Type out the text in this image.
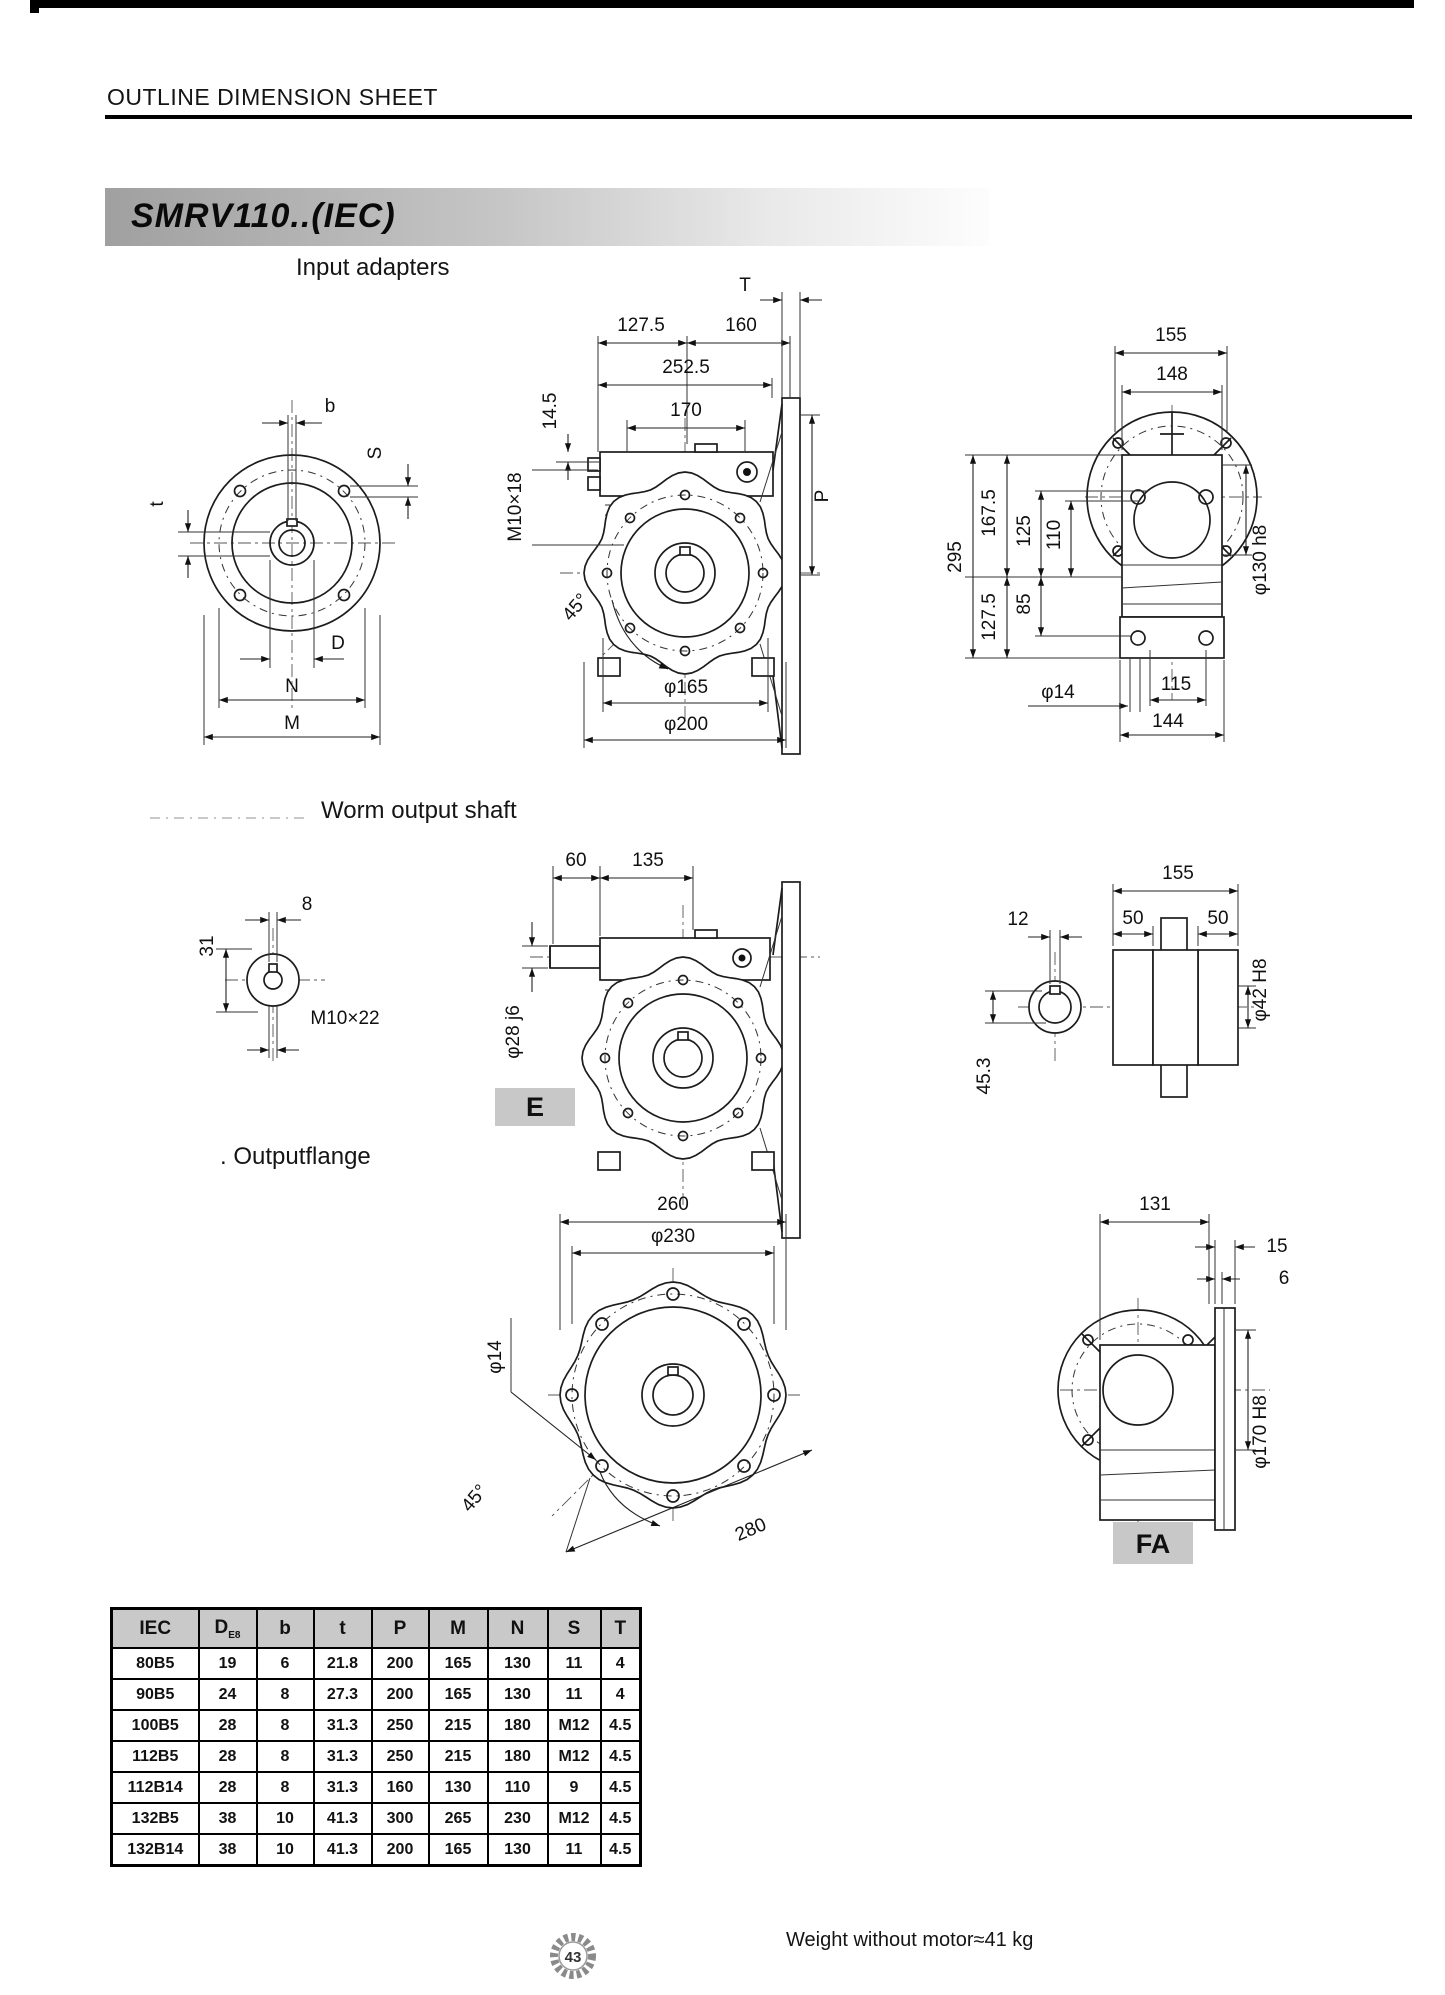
OUTLINE DIMENSION SHEET
SMRV110..(IEC)
Input adapters
Worm output shaft
. Outputflange
b
S
t
D
N
M
127.5	160
252.5
170
T
14.5
M10×18	P
45°
φ165
φ200
155
148
295
167.5 125 110
85
127.5
φ130 h8
φ14	115
144
8
31
M10×22
60 135
φ28 j6
E
155
50	50
12
45.3
φ42 H8
260
φ230
φ14
45°
280
131
15
6
φ170 H8
FA
43
IEC	$D_{E8}$	b	t	P	M	N	S	T
80B5	19	6	21.8	200	165	130	11	4
90B5	24	8	27.3	200	165	130	11	4
100B5	28	8	31.3	250	215	180	M12	4.5
112B5	28	8	31.3	250	215	180	M12	4.5
112B14	28	8	31.3	160	130	110	9	4.5
132B5	38	10	41.3	300	265	230	M12	4.5
132B14	38	10	41.3	200	165	130	11	4.5
Weight without motor≈41 kg
